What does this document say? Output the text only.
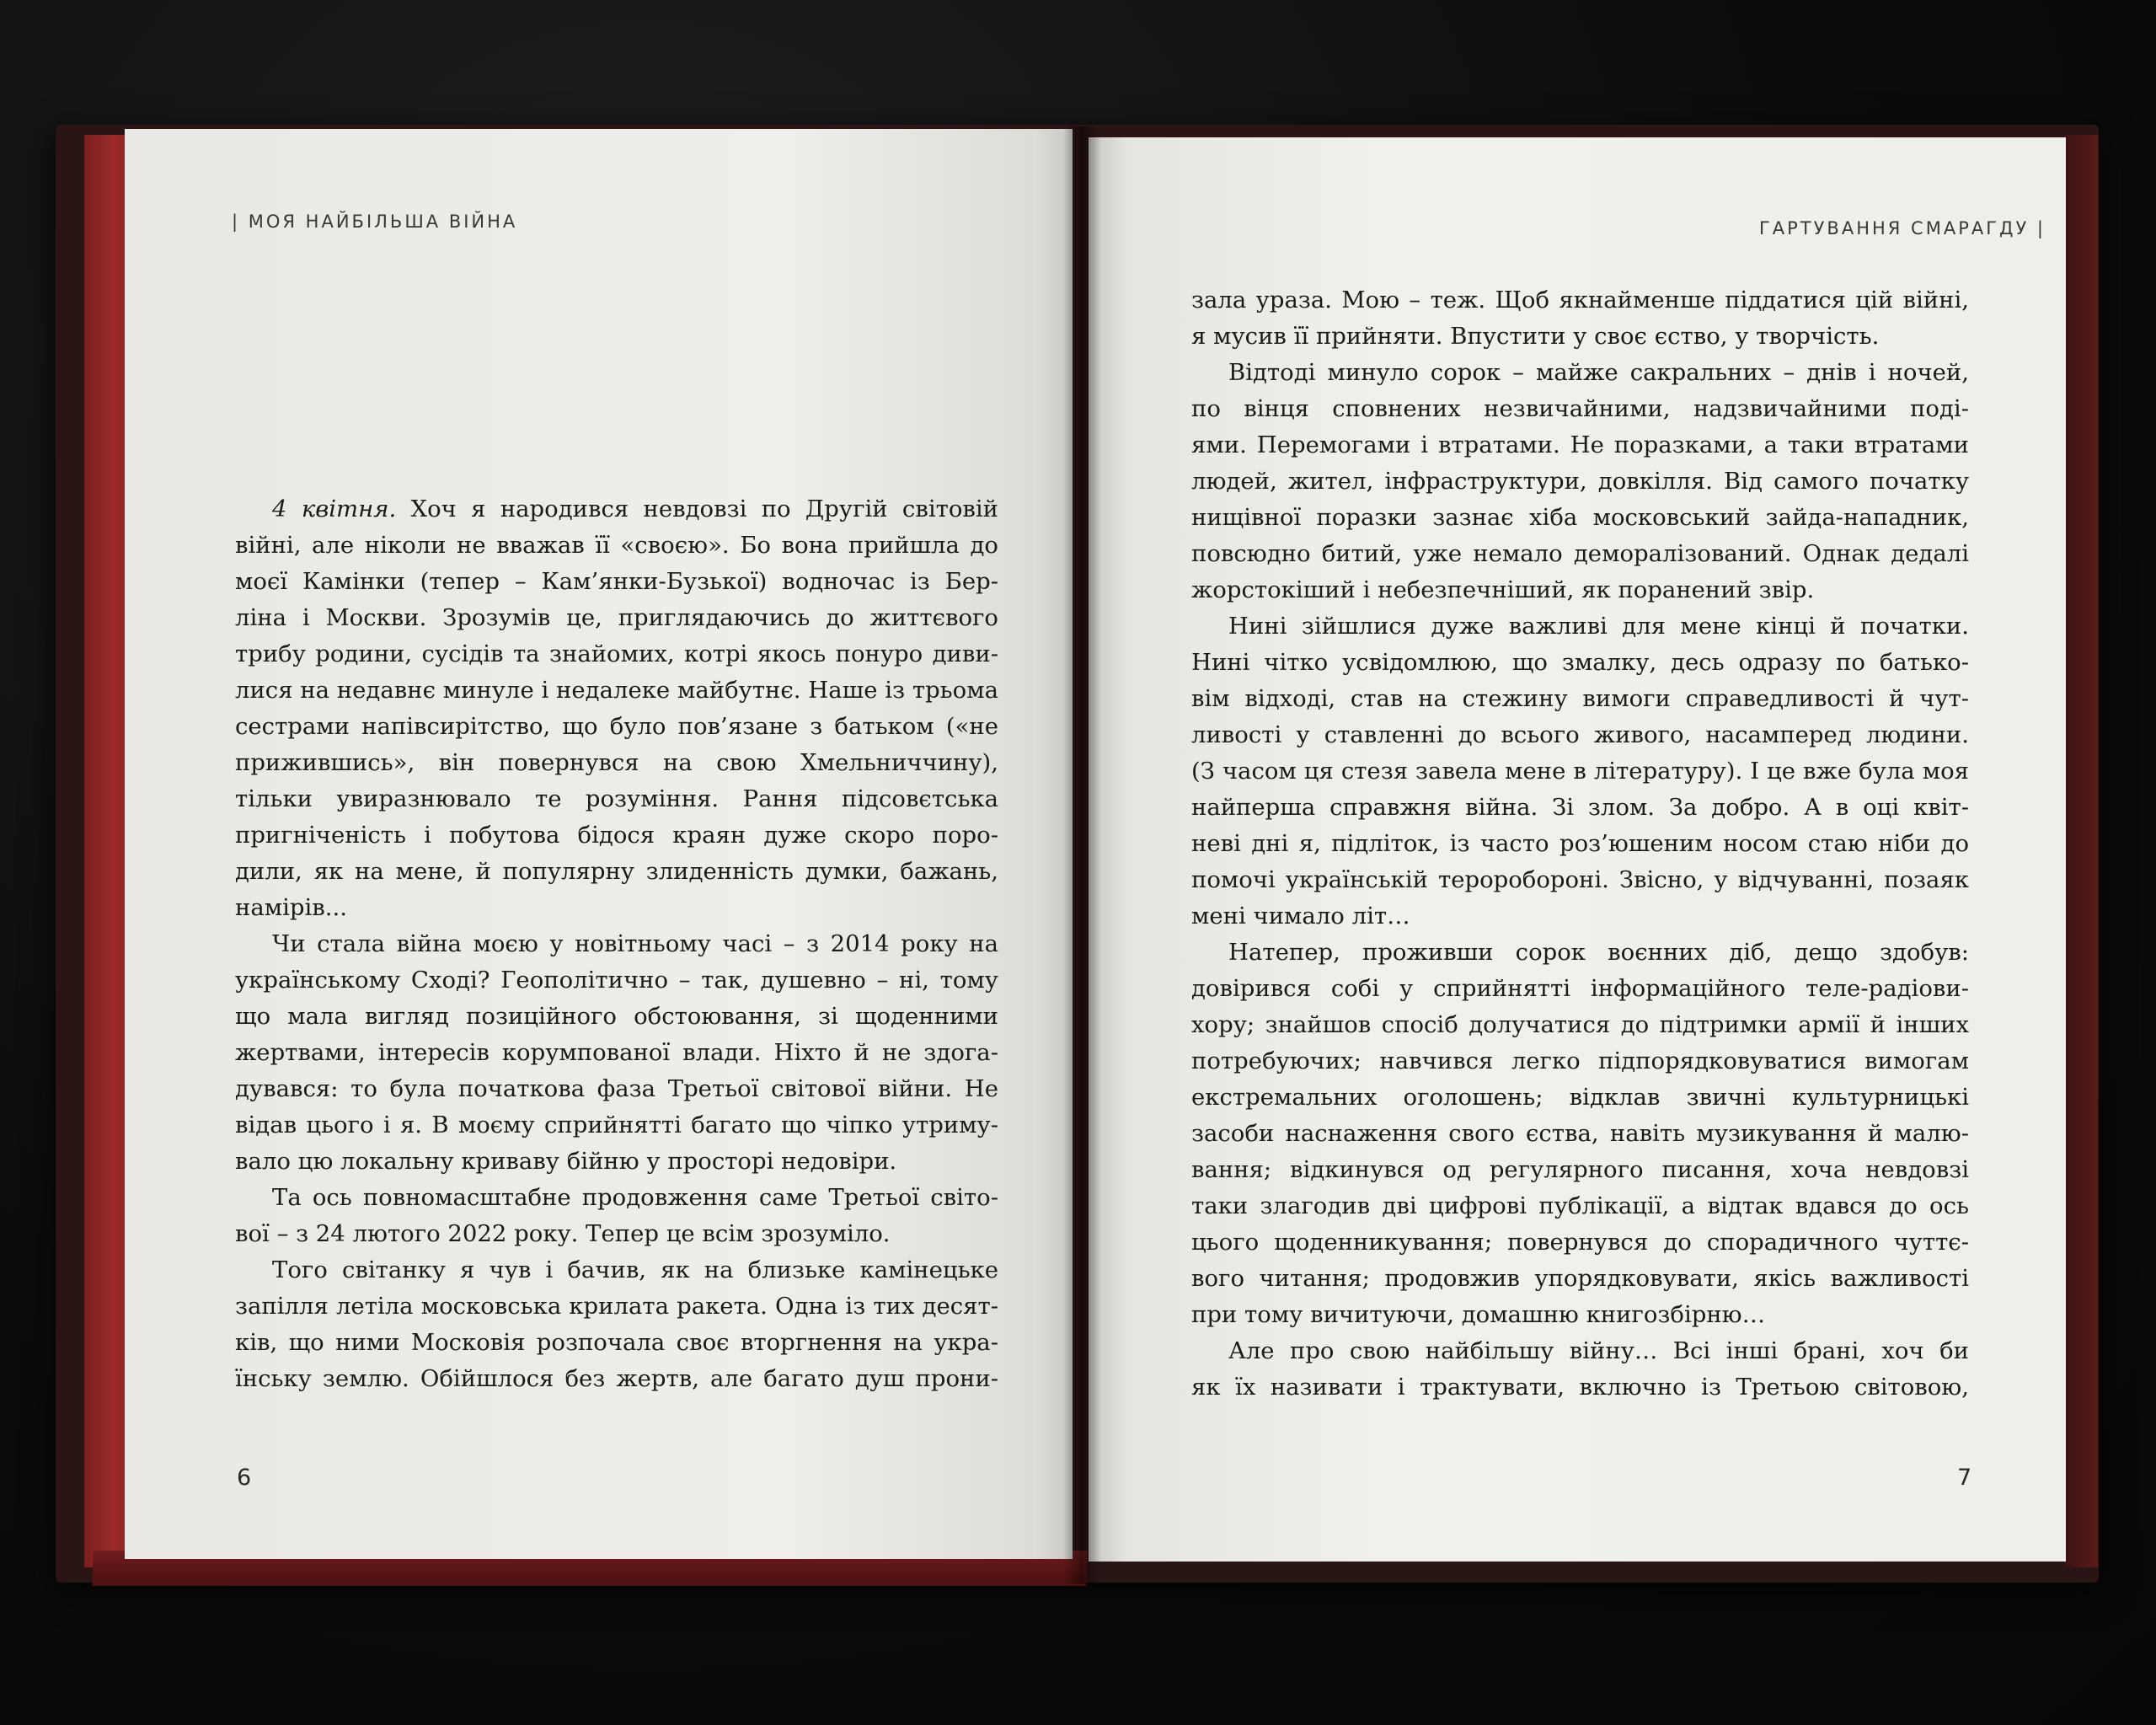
| МОЯ НАЙБІЛЬША ВІЙНА
4 квітня. Хоч я народився невдовзі по Другій світовій
війні, але ніколи не вважав її «своєю». Бо вона прийшла до
моєї Камінки (тепер – Кам’янки-Бузької) водночас із Бер-
ліна і Москви. Зрозумів це, приглядаючись до життєвого
трибу родини, сусідів та знайомих, котрі якось понуро диви-
лися на недавнє минуле і недалеке майбутнє. Наше із трьома
сестрами напівсирітство, що було пов’язане з батьком («не
прижившись», він повернувся на свою Хмельниччину),
тільки увиразнювало те розуміння. Рання підсовєтська
пригніченість і побутова бідося краян дуже скоро поро-
дили, як на мене, й популярну злиденність думки, бажань,
намірів...
Чи стала війна моєю у новітньому часі – з 2014 року на
українському Сході? Геополітично – так, душевно – ні, тому
що мала вигляд позиційного обстоювання, зі щоденними
жертвами, інтересів корумпованої влади. Ніхто й не здога-
дувався: то була початкова фаза Третьої світової війни. Не
відав цього і я. В моєму сприйнятті багато що чіпко утриму-
вало цю локальну криваву бійню у просторі недовіри.
Та ось повномасштабне продовження саме Третьої світо-
вої – з 24 лютого 2022 року. Тепер це всім зрозуміло.
Того світанку я чув і бачив, як на близьке камінецьке
запілля летіла московська крилата ракета. Одна із тих десят-
ків, що ними Московія розпочала своє вторгнення на укра-
їнську землю. Обійшлося без жертв, але багато душ прони-
6
ГАРТУВАННЯ СМАРАГДУ |
зала ураза. Мою – теж. Щоб якнайменше піддатися цій війні,
я мусив її прийняти. Впустити у своє єство, у творчість.
Відтоді минуло сорок – майже сакральних – днів і ночей,
по вінця сповнених незвичайними, надзвичайними поді-
ями. Перемогами і втратами. Не поразками, а таки втратами
людей, жител, інфраструктури, довкілля. Від самого початку
нищівної поразки зазнає хіба московський зайда-нападник,
повсюдно битий, уже немало деморалізований. Однак дедалі
жорстокіший і небезпечніший, як поранений звір.
Нині зійшлися дуже важливі для мене кінці й початки.
Нині чітко усвідомлюю, що змалку, десь одразу по батько-
вім відході, став на стежину вимоги справедливості й чут-
ливості у ставленні до всього живого, насамперед людини.
(З часом ця стезя завела мене в літературу). І це вже була моя
найперша справжня війна. Зі злом. За добро. А в оці квіт-
неві дні я, підліток, із часто роз’юшеним носом стаю ніби до
помочі українській тероробороні. Звісно, у відчуванні, позаяк
мені чимало літ…
Натепер, проживши сорок воєнних діб, дещо здобув:
довірився собі у сприйнятті інформаційного теле-радіови-
хору; знайшов спосіб долучатися до підтримки армії й інших
потребуючих; навчився легко підпорядковуватися вимогам
екстремальних оголошень; відклав звичні культурницькі
засоби наснаження свого єства, навіть музикування й малю-
вання; відкинувся од регулярного писання, хоча невдовзі
таки злагодив дві цифрові публікації, а відтак вдався до ось
цього щоденникування; повернувся до спорадичного чуттє-
вого читання; продовжив упорядковувати, якісь важливості
при тому вичитуючи, домашню книгозбірню…
Але про свою найбільшу війну… Всі інші брані, хоч би
як їх називати і трактувати, включно із Третьою світовою,
7
